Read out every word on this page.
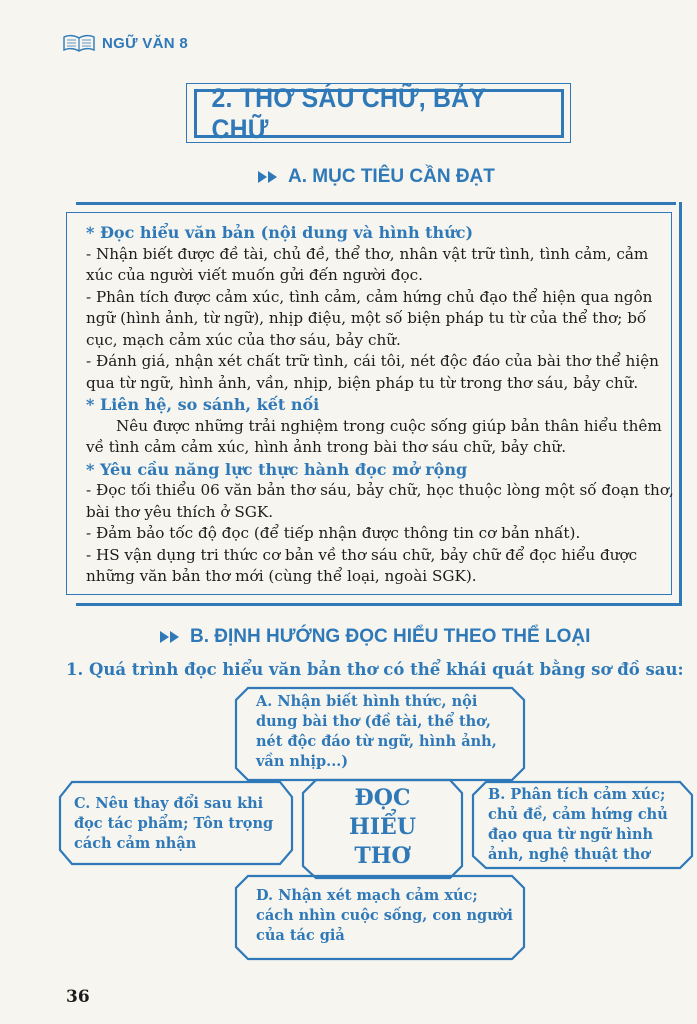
NGỮ VĂN 8
2. THƠ SÁU CHỮ, BẢY CHỮ
A. MỤC TIÊU CẦN ĐẠT
* Đọc hiểu văn bản (nội dung và hình thức)
- Nhận biết được đề tài, chủ đề, thể thơ, nhân vật trữ tình, tình cảm, cảm xúc của người viết muốn gửi đến người đọc.
- Phân tích được cảm xúc, tình cảm, cảm hứng chủ đạo thể hiện qua ngôn ngữ (hình ảnh, từ ngữ), nhịp điệu, một số biện pháp tu từ của thể thơ; bố cục, mạch cảm xúc của thơ sáu, bảy chữ.
- Đánh giá, nhận xét chất trữ tình, cái tôi, nét độc đáo của bài thơ thể hiện qua từ ngữ, hình ảnh, vần, nhịp, biện pháp tu từ trong thơ sáu, bảy chữ.
* Liên hệ, so sánh, kết nối
Nêu được những trải nghiệm trong cuộc sống giúp bản thân hiểu thêm về tình cảm cảm xúc, hình ảnh trong bài thơ sáu chữ, bảy chữ.
* Yêu cầu năng lực thực hành đọc mở rộng
- Đọc tối thiểu 06 văn bản thơ sáu, bảy chữ, học thuộc lòng một số đoạn thơ, bài thơ yêu thích ở SGK.
- Đảm bảo tốc độ đọc (để tiếp nhận được thông tin cơ bản nhất).
- HS vận dụng tri thức cơ bản về thơ sáu chữ, bảy chữ để đọc hiểu được những văn bản thơ mới (cùng thể loại, ngoài SGK).
B. ĐỊNH HƯỚNG ĐỌC HIỂU THEO THỂ LOẠI
1. Quá trình đọc hiểu văn bản thơ có thể khái quát bằng sơ đồ sau:
A. Nhận biết hình thức, nội
dung bài thơ (đề tài, thể thơ,
nét độc đáo từ ngữ, hình ảnh,
vần nhịp...)
C. Nêu thay đổi sau khi
đọc tác phẩm; Tôn trọng
cách cảm nhận
ĐỌC
HIỂU
THƠ
B. Phân tích cảm xúc;
chủ đề, cảm hứng chủ
đạo qua từ ngữ hình
ảnh, nghệ thuật thơ
D. Nhận xét mạch cảm xúc;
cách nhìn cuộc sống, con người
của tác giả
36
